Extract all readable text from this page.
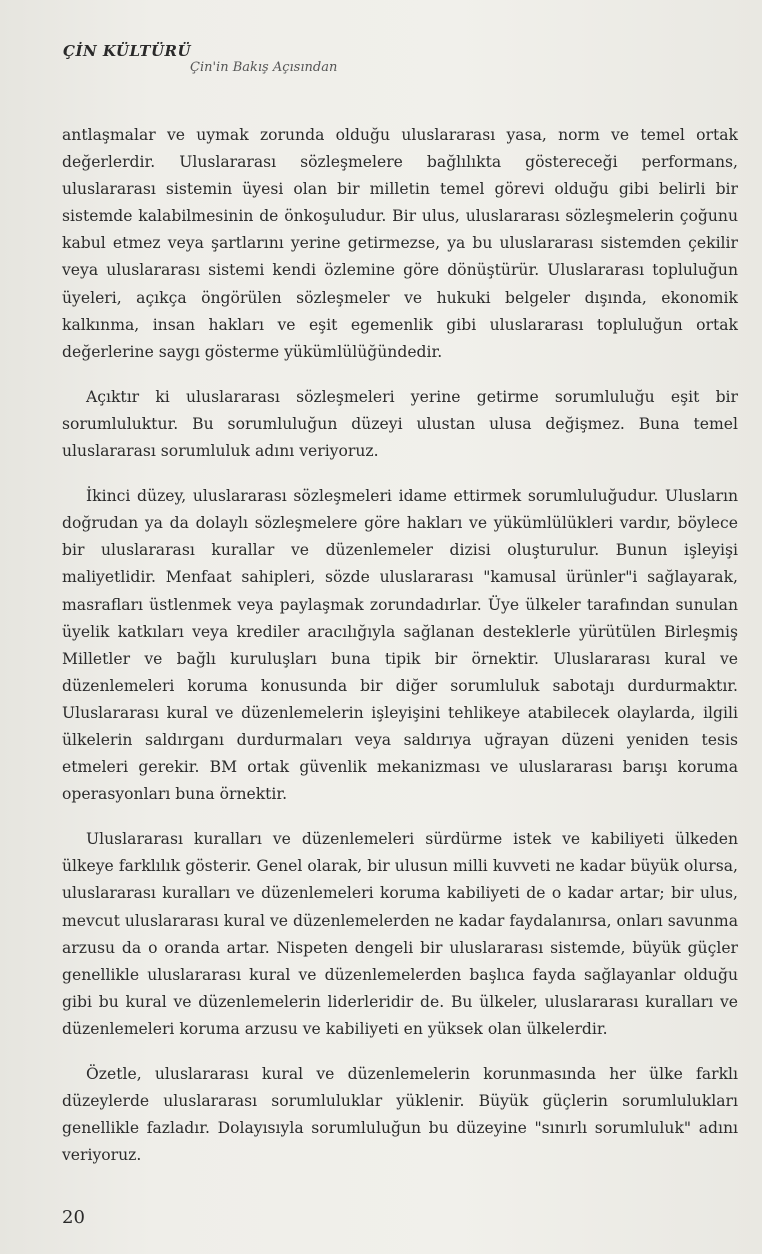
ÇİN KÜLTÜRÜ
Çin'in Bakış Açısından

antlaşmalar ve uymak zorunda olduğu uluslararası yasa, norm ve temel ortak değerlerdir. Uluslararası sözleşmelere bağlılıkta göstereceği performans, uluslararası sistemin üyesi olan bir milletin temel görevi olduğu gibi belirli bir sistemde kalabilmesinin de önkoşuludur. Bir ulus, uluslararası sözleşmelerin çoğunu kabul etmez veya şartlarını yerine getirmezse, ya bu uluslararası sistemden çekilir veya uluslararası sistemi kendi özlemine göre dönüştürür. Uluslararası topluluğun üyeleri, açıkça öngörülen sözleşmeler ve hukuki belgeler dışında, ekonomik kalkınma, insan hakları ve eşit egemenlik gibi uluslararası topluluğun ortak değerlerine saygı gösterme yükümlülüğündedir.

Açıktır ki uluslararası sözleşmeleri yerine getirme sorumluluğu eşit bir sorumluluktur. Bu sorumluluğun düzeyi ulustan ulusa değişmez. Buna temel uluslararası sorumluluk adını veriyoruz.

İkinci düzey, uluslararası sözleşmeleri idame ettirmek sorumluluğudur. Ulusların doğrudan ya da dolaylı sözleşmelere göre hakları ve yükümlülükleri vardır, böylece bir uluslararası kurallar ve düzenlemeler dizisi oluşturulur. Bunun işleyişi maliyetlidir. Menfaat sahipleri, sözde uluslararası "kamusal ürünler"i sağlayarak, masrafları üstlenmek veya paylaşmak zorundadırlar. Üye ülkeler tarafından sunulan üyelik katkıları veya krediler aracılığıyla sağlanan desteklerle yürütülen Birleşmiş Milletler ve bağlı kuruluşları buna tipik bir örnektir. Uluslararası kural ve düzenlemeleri koruma konusunda bir diğer sorumluluk sabotajı durdurmaktır. Uluslararası kural ve düzenlemelerin işleyişini tehlikeye atabilecek olaylarda, ilgili ülkelerin saldırganı durdurmaları veya saldırıya uğrayan düzeni yeniden tesis etmeleri gerekir. BM ortak güvenlik mekanizması ve uluslararası barışı koruma operasyonları buna örnektir.

Uluslararası kuralları ve düzenlemeleri sürdürme istek ve kabiliyeti ülkeden ülkeye farklılık gösterir. Genel olarak, bir ulusun milli kuvveti ne kadar büyük olursa, uluslararası kuralları ve düzenlemeleri koruma kabiliyeti de o kadar artar; bir ulus, mevcut uluslararası kural ve düzenlemelerden ne kadar faydalanırsa, onları savunma arzusu da o oranda artar. Nispeten dengeli bir uluslararası sistemde, büyük güçler genellikle uluslararası kural ve düzenlemelerden başlıca fayda sağlayanlar olduğu gibi bu kural ve düzenlemelerin liderleridir de. Bu ülkeler, uluslararası kuralları ve düzenlemeleri koruma arzusu ve kabiliyeti en yüksek olan ülkelerdir.

Özetle, uluslararası kural ve düzenlemelerin korunmasında her ülke farklı düzeylerde uluslararası sorumluluklar yüklenir. Büyük güçlerin sorumlulukları genellikle fazladır. Dolayısıyla sorumluluğun bu düzeyine "sınırlı sorumluluk" adını veriyoruz.

20
